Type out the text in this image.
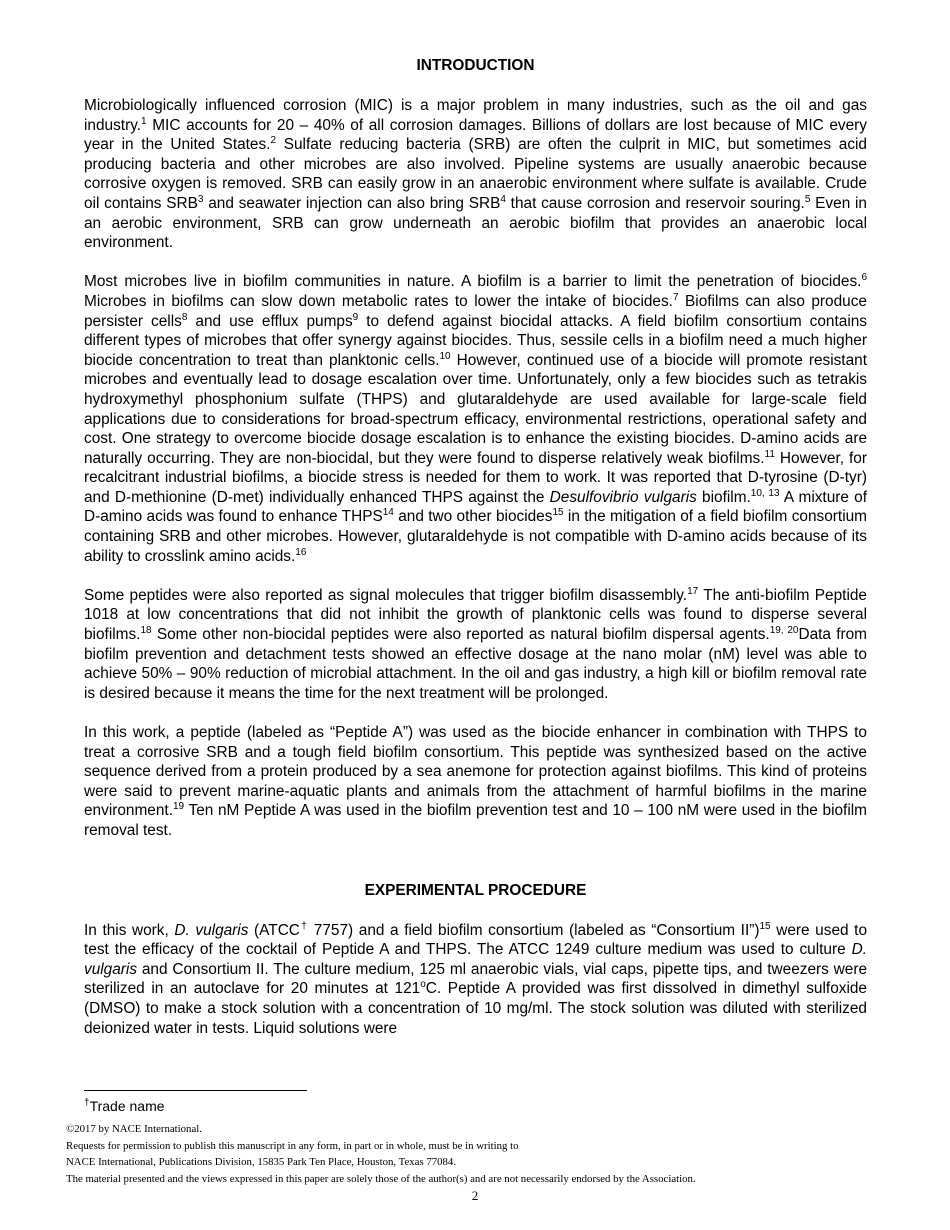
INTRODUCTION

Microbiologically influenced corrosion (MIC) is a major problem in many industries, such as the oil and gas industry.$^1$ MIC accounts for 20 – 40% of all corrosion damages. Billions of dollars are lost because of MIC every year in the United States.$^2$ Sulfate reducing bacteria (SRB) are often the culprit in MIC, but sometimes acid producing bacteria and other microbes are also involved. Pipeline systems are usually anaerobic because corrosive oxygen is removed. SRB can easily grow in an anaerobic environment where sulfate is available. Crude oil contains SRB$^3$ and seawater injection can also bring SRB$^4$ that cause corrosion and reservoir souring.$^5$ Even in an aerobic environment, SRB can grow underneath an aerobic biofilm that provides an anaerobic local environment.

Most microbes live in biofilm communities in nature. A biofilm is a barrier to limit the penetration of biocides.$^6$ Microbes in biofilms can slow down metabolic rates to lower the intake of biocides.$^7$ Biofilms can also produce persister cells$^8$ and use efflux pumps$^9$ to defend against biocidal attacks. A field biofilm consortium contains different types of microbes that offer synergy against biocides. Thus, sessile cells in a biofilm need a much higher biocide concentration to treat than planktonic cells.$^{10}$ However, continued use of a biocide will promote resistant microbes and eventually lead to dosage escalation over time. Unfortunately, only a few biocides such as tetrakis hydroxymethyl phosphonium sulfate (THPS) and glutaraldehyde are used available for large-scale field applications due to considerations for broad-spectrum efficacy, environmental restrictions, operational safety and cost. One strategy to overcome biocide dosage escalation is to enhance the existing biocides. D-amino acids are naturally occurring. They are non-biocidal, but they were found to disperse relatively weak biofilms.$^{11}$ However, for recalcitrant industrial biofilms, a biocide stress is needed for them to work. It was reported that D-tyrosine (D-tyr) and D-methionine (D-met) individually enhanced THPS against the Desulfovibrio vulgaris biofilm.$^{10, 13}$ A mixture of D-amino acids was found to enhance THPS$^{14}$ and two other biocides$^{15}$ in the mitigation of a field biofilm consortium containing SRB and other microbes. However, glutaraldehyde is not compatible with D-amino acids because of its ability to crosslink amino acids.$^{16}$

Some peptides were also reported as signal molecules that trigger biofilm disassembly.$^{17}$ The anti-biofilm Peptide 1018 at low concentrations that did not inhibit the growth of planktonic cells was found to disperse several biofilms.$^{18}$ Some other non-biocidal peptides were also reported as natural biofilm dispersal agents.$^{19, 20}$Data from biofilm prevention and detachment tests showed an effective dosage at the nano molar (nM) level was able to achieve 50% – 90% reduction of microbial attachment. In the oil and gas industry, a high kill or biofilm removal rate is desired because it means the time for the next treatment will be prolonged.

In this work, a peptide (labeled as “Peptide A”) was used as the biocide enhancer in combination with THPS to treat a corrosive SRB and a tough field biofilm consortium. This peptide was synthesized based on the active sequence derived from a protein produced by a sea anemone for protection against biofilms. This kind of proteins were said to prevent marine-aquatic plants and animals from the attachment of harmful biofilms in the marine environment.$^{19}$ Ten nM Peptide A was used in the biofilm prevention test and 10 – 100 nM were used in the biofilm removal test.

EXPERIMENTAL PROCEDURE

In this work, D. vulgaris (ATCC† 7757) and a field biofilm consortium (labeled as “Consortium II”)$^{15}$ were used to test the efficacy of the cocktail of Peptide A and THPS. The ATCC 1249 culture medium was used to culture D. vulgaris and Consortium II. The culture medium, 125 ml anaerobic vials, vial caps, pipette tips, and tweezers were sterilized in an autoclave for 20 minutes at 121$^o$C. Peptide A provided was first dissolved in dimethyl sulfoxide (DMSO) to make a stock solution with a concentration of 10 mg/ml. The stock solution was diluted with sterilized deionized water in tests. Liquid solutions were

†Trade name
©2017 by NACE International.
Requests for permission to publish this manuscript in any form, in part or in whole, must be in writing to
NACE International, Publications Division, 15835 Park Ten Place, Houston, Texas 77084.
The material presented and the views expressed in this paper are solely those of the author(s) and are not necessarily endorsed by the Association.
2
